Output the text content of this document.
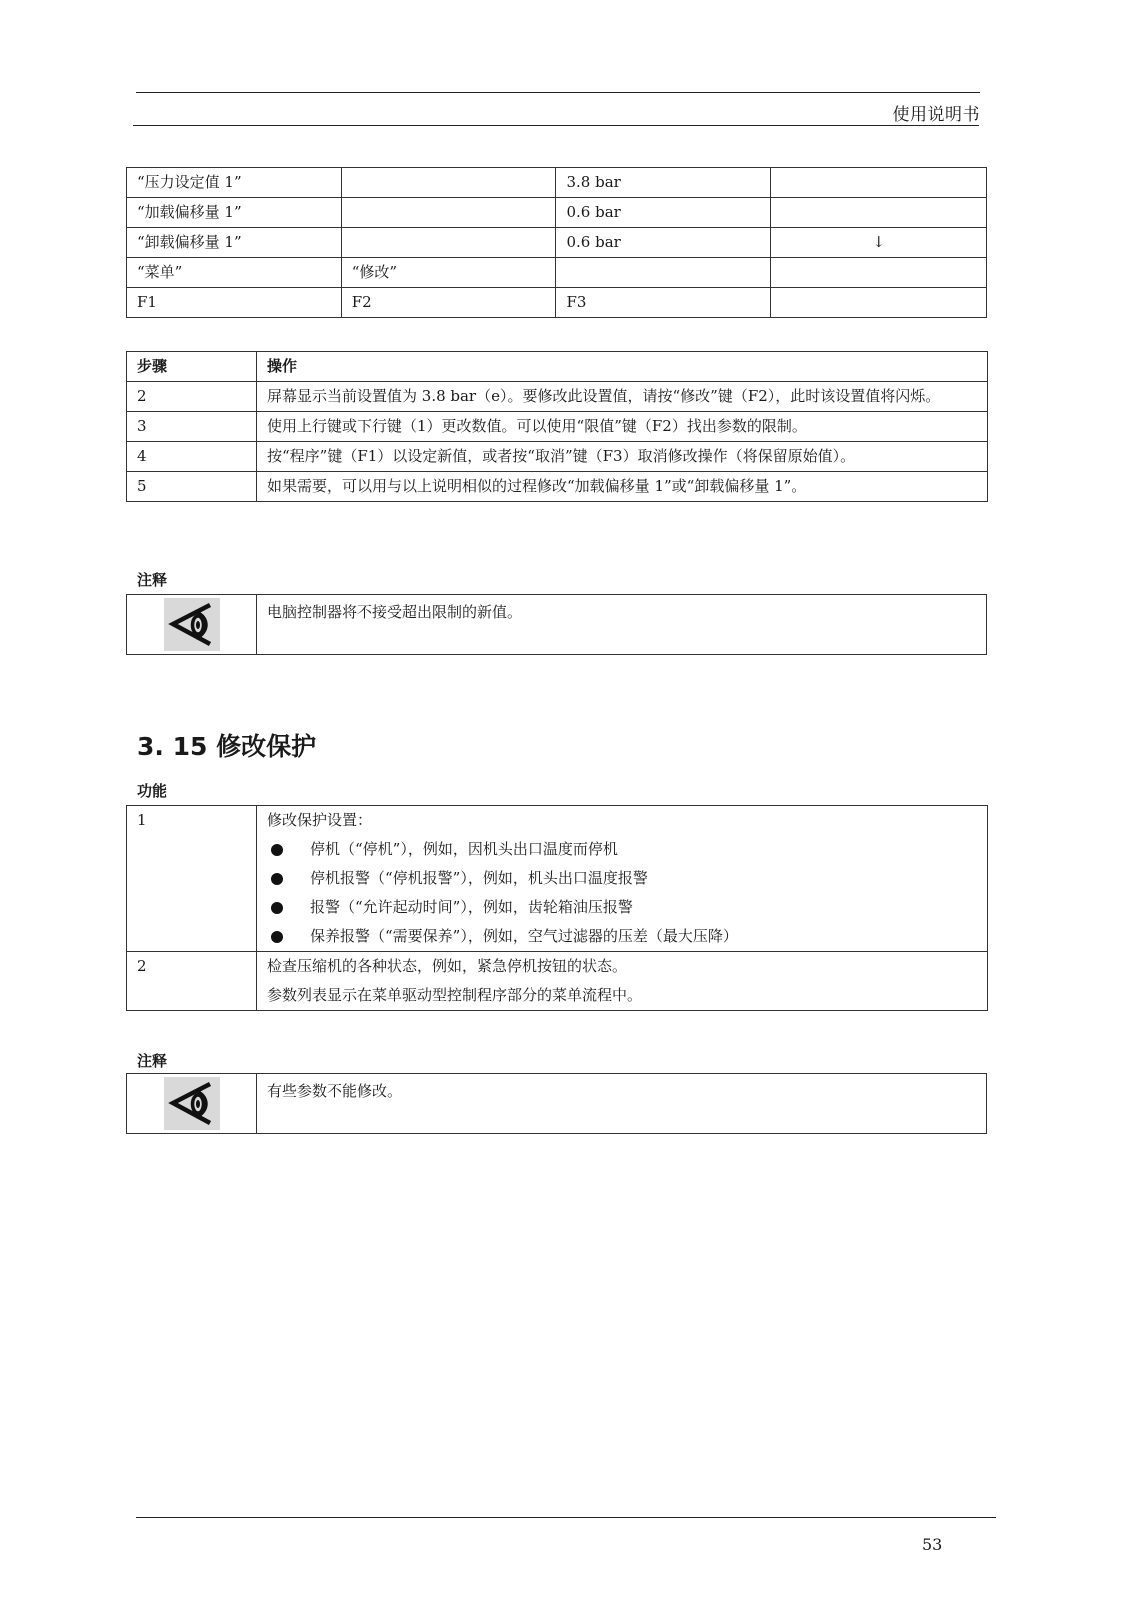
使用说明书
“压力设定值 1”		3.8 bar	
“加载偏移量 1”		0.6 bar	
“卸载偏移量 1”		0.6 bar	↓
“菜单”	“修改”		
F1	F2	F3	
步骤	操作
2	屏幕显示当前设置值为 3.8 bar（e）。要修改此设置值，请按“修改”键（F2），此时该设置值将闪烁。
3	使用上行键或下行键（1）更改数值。可以使用“限值”键（F2）找出参数的限制。
4	按“程序”键（F1）以设定新值，或者按“取消”键（F3）取消修改操作（将保留原始值）。
5	如果需要，可以用与以上说明相似的过程修改“加载偏移量 1”或“卸载偏移量 1”。
注释
电脑控制器将不接受超出限制的新值。
3. 15 修改保护
功能
1	修改保护设置：
停机（“停机”），例如，因机头出口温度而停机
停机报警（“停机报警”），例如，机头出口温度报警
报警（“允许起动时间”），例如，齿轮箱油压报警
保养报警（“需要保养”），例如，空气过滤器的压差（最大压降）

2	检查压缩机的各种状态，例如，紧急停机按钮的状态。
参数列表显示在菜单驱动型控制程序部分的菜单流程中。
注释
有些参数不能修改。
53
